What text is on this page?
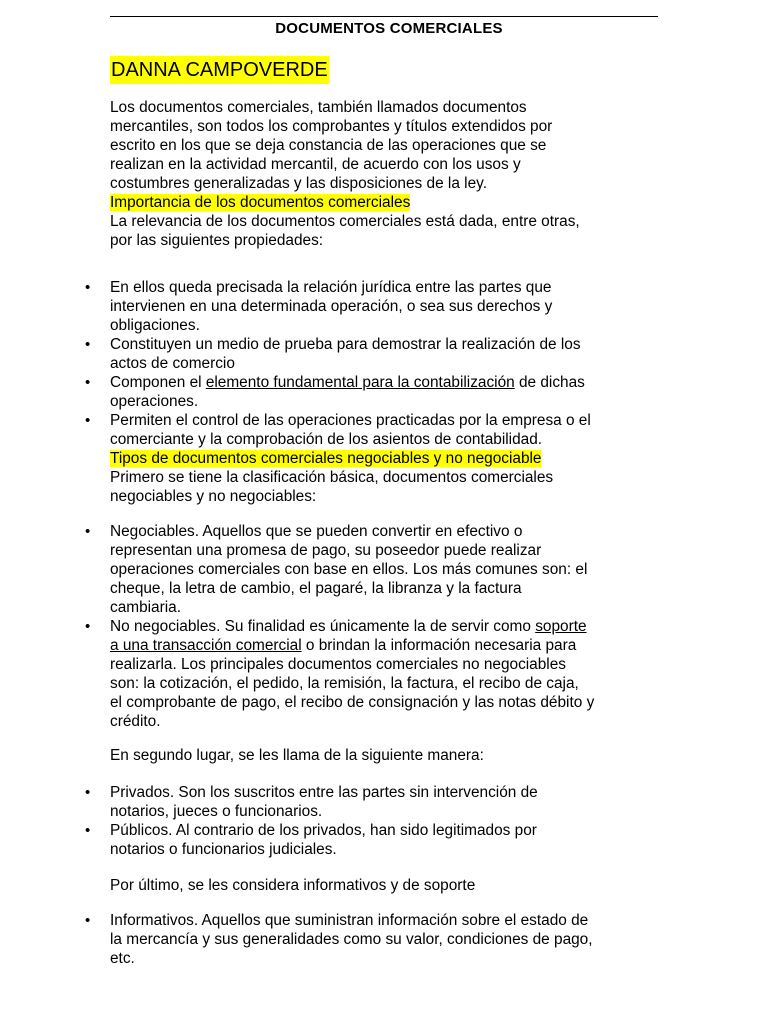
DOCUMENTOS COMERCIALES
DANNA CAMPOVERDE
Los documentos comerciales, también llamados documentos
mercantiles, son todos los comprobantes y títulos extendidos por
escrito en los que se deja constancia de las operaciones que se
realizan en la actividad mercantil, de acuerdo con los usos y
costumbres generalizadas y las disposiciones de la ley.
Importancia de los documentos comerciales
La relevancia de los documentos comerciales está dada, entre otras,
por las siguientes propiedades:
• En ellos queda precisada la relación jurídica entre las partes que
intervienen en una determinada operación, o sea sus derechos y
obligaciones.
• Constituyen un medio de prueba para demostrar la realización de los
actos de comercio
• Componen el elemento fundamental para la contabilización de dichas
operaciones.
• Permiten el control de las operaciones practicadas por la empresa o el
comerciante y la comprobación de los asientos de contabilidad.
Tipos de documentos comerciales negociables y no negociable
Primero se tiene la clasificación básica, documentos comerciales
negociables y no negociables:
• Negociables. Aquellos que se pueden convertir en efectivo o
representan una promesa de pago, su poseedor puede realizar
operaciones comerciales con base en ellos. Los más comunes son: el
cheque, la letra de cambio, el pagaré, la libranza y la factura
cambiaria.
• No negociables. Su finalidad es únicamente la de servir como soporte
a una transacción comercial o brindan la información necesaria para
realizarla. Los principales documentos comerciales no negociables
son: la cotización, el pedido, la remisión, la factura, el recibo de caja,
el comprobante de pago, el recibo de consignación y las notas débito y
crédito.
En segundo lugar, se les llama de la siguiente manera:
• Privados. Son los suscritos entre las partes sin intervención de
notarios, jueces o funcionarios.
• Públicos. Al contrario de los privados, han sido legitimados por
notarios o funcionarios judiciales.
Por último, se les considera informativos y de soporte
• Informativos. Aquellos que suministran información sobre el estado de
la mercancía y sus generalidades como su valor, condiciones de pago,
etc.
